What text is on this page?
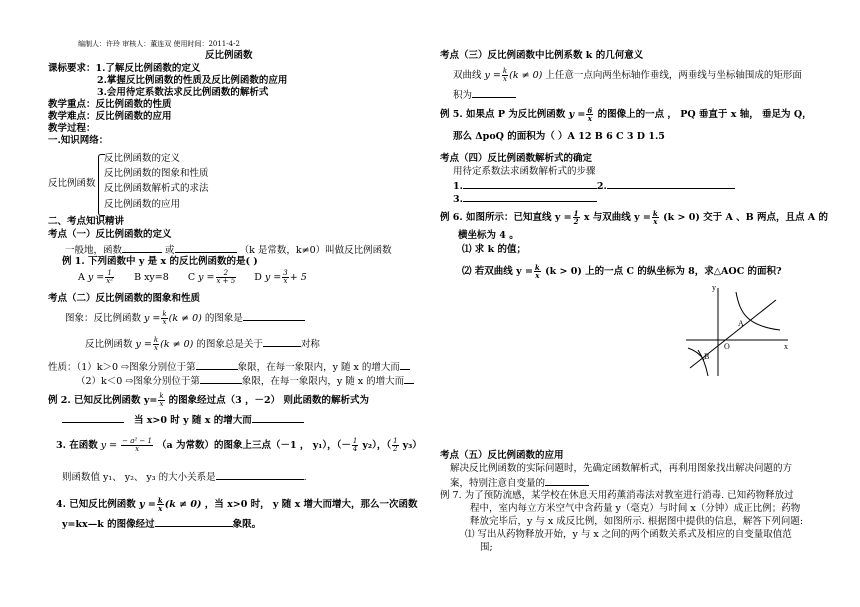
编制人：许玲 审核人：董连双 使用时间：2011-4-2
反比例函数
课标要求：1.了解反比例函数的定义
2.掌握反比例函数的性质及反比例函数的应用
3.会用待定系数法求反比例函数的解析式
教学重点：反比例函数的性质
教学难点：反比例函数的应用
教学过程：
一.知识网络：
反比例函数
反比例函数的定义
反比例函数的图象和性质
反比例函数解析式的求法
反比例函数的应用
二、考点知识精讲
考点（一）反比例函数的定义
一般地，函数	或	（k 是常数，k≠0）叫做反比例函数
例 1. 下列函数中 y 是 x 的反比例函数的是( )
A $y = \frac{1}{\text{x²}}$ B xy=8 C $y = \frac{2}{x + 5}$ D $y = \frac{3}{x} + 5$
考点（二）反比例函数的图象和性质
图象：反比例函数 $y = \frac{k}{x} (k \ne 0)$ 的图象是
反比例函数 $y = \frac{k}{x} (k \ne 0)$ 的图象总是关于	对称
性质：（1）k＞0 ⇨图象分别位于第	象限，在每一象限内，y 随 x 的增大而
（2）k＜0 ⇨图象分别位于第	象限，在每一象限内，y 随 x 的增大而
例 2. 已知反比例函数 $y= \frac{k}{x}$ 的图象经过点（3 ，－2） 则此函数的解析式为
当 x>0 时 y 随 x 的增大而
3. 在函数 $y = \frac{\text{− a² − 1}}{x} (a$ 为常数）的图象上三点（－1 ， y₁），（－ $\frac{1}{4} y_2$），（ $\frac{1}{2} y_3$）
则函数值 y₁、 y₂、 y₃ 的大小关系是	.
4. 已知反比例函数 $y = \frac{k}{x} (k \ne 0)$ ，当 x>0 时， y 随 x 增大而增大，那么一次函数
y=kx—k 的图像经过	象限。
考点（三）反比例函数中比例系数 k 的几何意义
双曲线 $y = \frac{k}{x} (k \ne 0)$ 上任意一点向两坐标轴作垂线，两垂线与坐标轴围成的矩形面
积为
例 5. 如果点 P 为反比例函数 $y = \frac{6}{x}$ 的图像上的一点 ， PQ 垂直于 x 轴， 垂足为 Q，
那么 ΔpoQ 的面积为（ ）A 12 B 6 C 3 D 1.5
考点（四）反比例函数解析式的确定
用待定系数法求函数解析式的步骤
1.	2.
3.
例 6. 如图所示：已知直线 $y = \frac{1}{2}$ x 与双曲线 $y = \frac{k}{x} (k > 0)$ 交于 A 、B 两点，且点 A 的
横坐标为 4 。
⑴ 求 k 的值；
⑵ 若双曲线 $y = \frac{k}{x} (k > 0)$ 上的一点 C 的纵坐标为 8，求△AOC 的面积?
y
x
O
A
B
考点（五）反比例函数的应用
解决反比例函数的实际问题时，先确定函数解析式，再利用图象找出解决问题的方
案，特别注意自变量的
例 7. 为了预防流感，某学校在休息天用药薰消毒法对教室进行消毒. 已知药物释放过
程中，室内每立方米空气中含药量 y（毫克）与时间 x（分钟）成正比例；药物
释放完毕后，y 与 x 成反比例，如图所示. 根据图中提供的信息，解答下列问题:
⑴ 写出从药物释放开始，y 与 x 之间的两个函数关系式及相应的自变量取值范
围;
